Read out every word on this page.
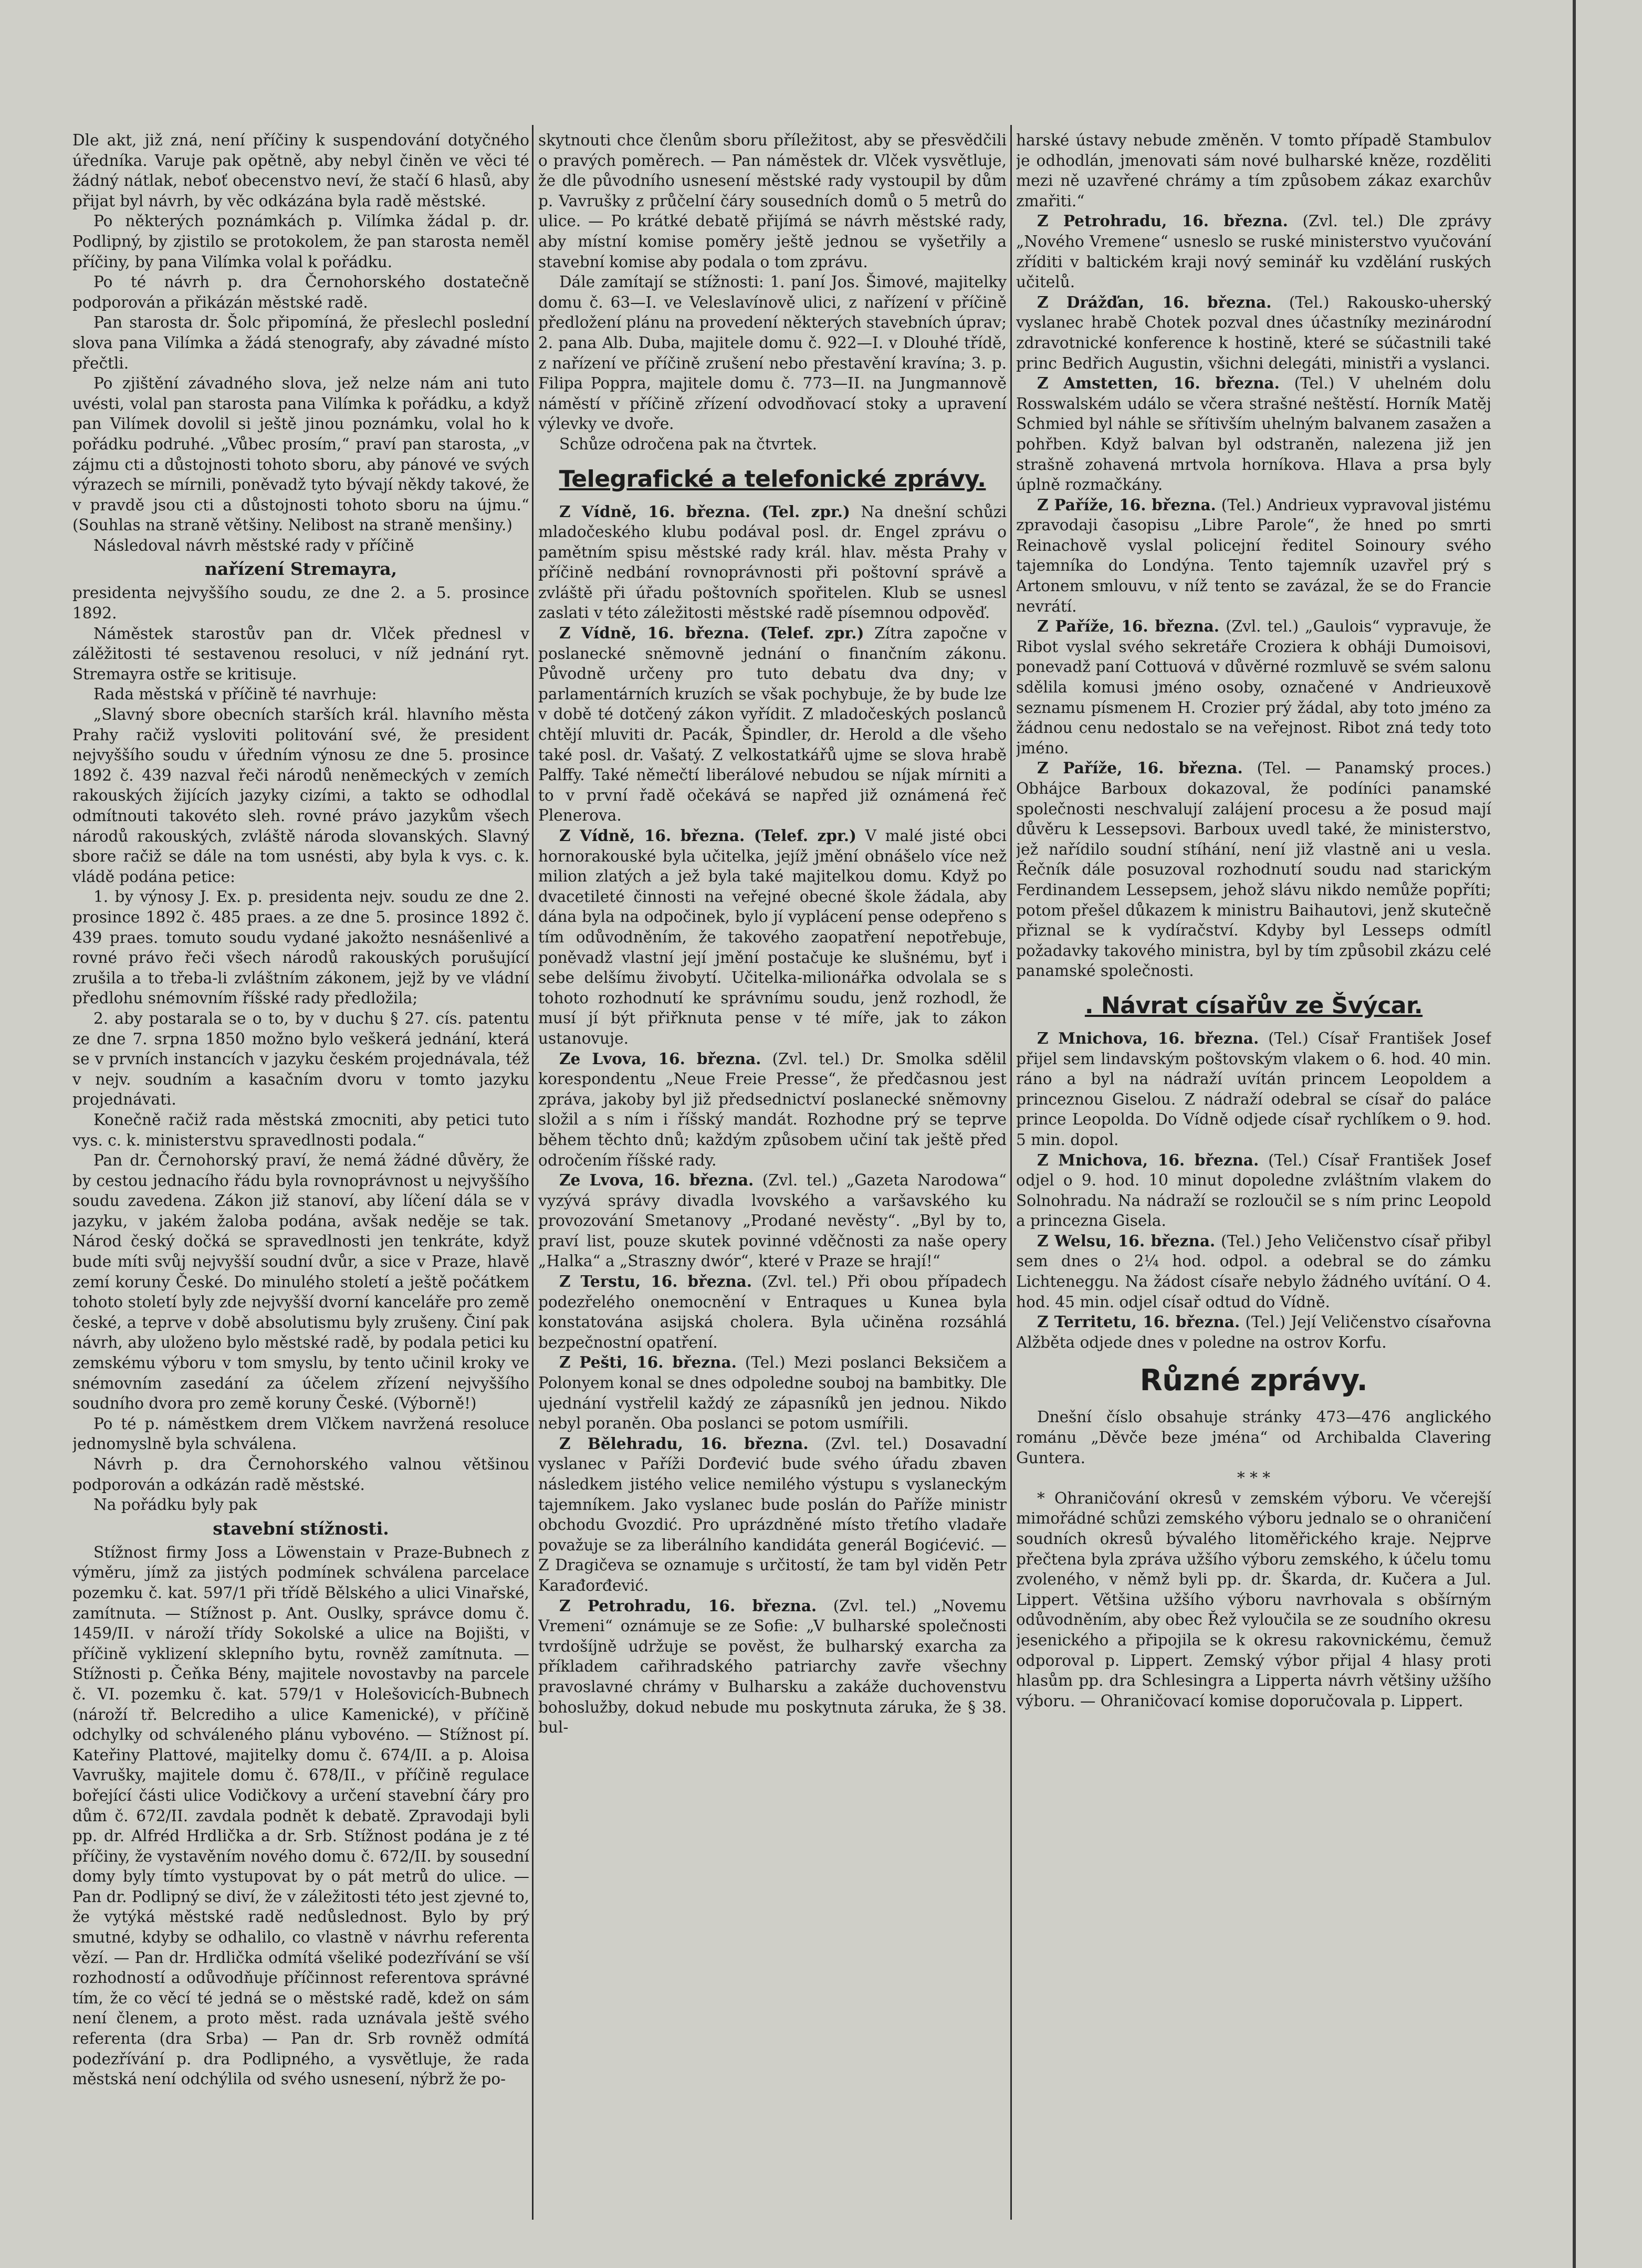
Dle akt, již zná, není příčiny k suspendování dotyčného úředníka. Varuje pak opětně, aby nebyl činěn ve věci té žádný nátlak, neboť obecenstvo neví, že stačí 6 hlasů, aby přijat byl návrh, by věc odkázána byla radě městské.

Po některých poznámkách p. Vilímka žádal p. dr. Podlipný, by zjistilo se protokolem, že pan starosta neměl příčiny, by pana Vilímka volal k pořádku.

Po té návrh p. dra Černohorského dostatečně podporován a přikázán městské radě.

Pan starosta dr. Šolc připomíná, že přeslechl poslední slova pana Vilímka a žádá stenografy, aby závadné místo přečtli.

Po zjištění závadného slova, jež nelze nám ani tuto uvésti, volal pan starosta pana Vilímka k pořádku, a když pan Vilímek dovolil si ještě jinou poznámku, volal ho k pořádku podruhé. „Vůbec prosím,“ praví pan starosta, „v zájmu cti a důstojnosti tohoto sboru, aby pánové ve svých výrazech se mírnili, poněvadž tyto bývají někdy takové, že v pravdě jsou cti a důstojnosti tohoto sboru na újmu.“ (Souhlas na straně většiny. Nelibost na straně menšiny.)

Následoval návrh městské rady v příčině

nařízení Stremayra,

presidenta nejvyššího soudu, ze dne 2. a 5. prosince 1892.

Náměstek starostův pan dr. Vlček přednesl v zálěžitosti té sestavenou resoluci, v níž jednání ryt. Stremayra ostře se kritisuje.

Rada městská v příčině té navrhuje:

„Slavný sbore obecních starších král. hlavního města Prahy račiž vysloviti politování své, že president nejvyššího soudu v úředním výnosu ze dne 5. prosince 1892 č. 439 nazval řeči národů neněmeckých v zemích rakouských žijících jazyky cizími, a takto se odhodlal odmítnouti takovéto sleh. rovné právo jazykům všech národů rakouských, zvláště národa slovanských. Slavný sbore račiž se dále na tom usnésti, aby byla k vys. c. k. vládě podána petice:

1. by výnosy J. Ex. p. presidenta nejv. soudu ze dne 2. prosince 1892 č. 485 praes. a ze dne 5. prosince 1892 č. 439 praes. tomuto soudu vydané jakožto nesnášenlivé a rovné právo řeči všech národů rakouských porušující zrušila a to třeba-li zvláštním zákonem, jejž by ve vládní předlohu snémovním říšské rady předložila;

2. aby postarala se o to, by v duchu § 27. cís. patentu ze dne 7. srpna 1850 možno bylo veškerá jednání, která se v prvních instancích v jazyku českém projednávala, též v nejv. soudním a kasačním dvoru v tomto jazyku projednávati.

Konečně račiž rada městská zmocniti, aby petici tuto vys. c. k. ministerstvu spravedlnosti podala.“

Pan dr. Černohorský praví, že nemá žádné důvěry, že by cestou jednacího řádu byla rovnoprávnost u nejvyššího soudu zavedena. Zákon již stanoví, aby líčení dála se v jazyku, v jakém žaloba podána, avšak neděje se tak. Národ český dočká se spravedlnosti jen tenkráte, když bude míti svůj nejvyšší soudní dvůr, a sice v Praze, hlavě zemí koruny České. Do minulého století a ještě počátkem tohoto století byly zde nejvyšší dvorní kanceláře pro země české, a teprve v době absolutismu byly zrušeny. Činí pak návrh, aby uloženo bylo městské radě, by podala petici ku zemskému výboru v tom smyslu, by tento učinil kroky ve snémovním zasedání za účelem zřízení nejvyššího soudního dvora pro země koruny České. (Výborně!)

Po té p. náměstkem drem Vlčkem navržená resoluce jednomyslně byla schválena.

Návrh p. dra Černohorského valnou většinou podporován a odkázán radě městské.

Na pořádku byly pak

stavební stížnosti.

Stížnost firmy Joss a Löwenstain v Praze-Bubnech z výměru, jímž za jistých podmínek schválena parcelace pozemku č. kat. 597/1 při třídě Bělského a ulici Vinařské, zamítnuta. — Stížnost p. Ant. Ouslky, správce domu č. 1459/II. v nároží třídy Sokolské a ulice na Bojišti, v příčině vyklizení sklepního bytu, rovněž zamítnuta. — Stížnosti p. Čeňka Bény, majitele novostavby na parcele č. VI. pozemku č. kat. 579/1 v Holešovicích-Bubnech (nároží tř. Belcrediho a ulice Kamenické), v příčině odchylky od schváleného plánu vybovéno. — Stížnost pí. Kateřiny Plattové, majitelky domu č. 674/II. a p. Aloisa Vavrušky, majitele domu č. 678/II., v příčině regulace bořející části ulice Vodičkovy a určení stavební čáry pro dům č. 672/II. zavdala podnět k debatě. Zpravodaji byli pp. dr. Alfréd Hrdlička a dr. Srb. Stížnost podána je z té příčiny, že vystavěním nového domu č. 672/II. by sousední domy byly tímto vystupovat by o pát metrů do ulice. — Pan dr. Podlipný se diví, že v záležitosti této jest zjevné to, že vytýká městské radě nedůslednost. Bylo by prý smutné, kdyby se odhalilo, co vlastně v návrhu referenta vězí. — Pan dr. Hrdlička odmítá všeliké podezřívání se vší rozhodností a odůvodňuje příčinnost referentova správné tím, že co věcí té jedná se o městské radě, kdež on sám není členem, a proto měst. rada uznávala ještě svého referenta (dra Srba) — Pan dr. Srb rovněž odmítá podezřívání p. dra Podlipného, a vysvětluje, že rada městská není odchýlila od svého usnesení, nýbrž že po-

skytnouti chce členům sboru příležitost, aby se přesvědčili o pravých poměrech. — Pan náměstek dr. Vlček vysvětluje, že dle původního usnesení městské rady vystoupil by dům p. Vavrušky z průčelní čáry sousedních domů o 5 metrů do ulice. — Po krátké debatě přijímá se návrh městské rady, aby místní komise poměry ještě jednou se vyšetřily a stavební komise aby podala o tom zprávu.

Dále zamítají se stížnosti: 1. paní Jos. Šimové, majitelky domu č. 63—I. ve Veleslavínově ulici, z nařízení v příčině předložení plánu na provedení některých stavebních úprav; 2. pana Alb. Duba, majitele domu č. 922—I. v Dlouhé třídě, z nařízení ve příčině zrušení nebo přestavění kravína; 3. p. Filipa Poppra, majitele domu č. 773—II. na Jungmannově náměstí v příčině zřízení odvodňovací stoky a upravení výlevky ve dvoře.

Schůze odročena pak na čtvrtek.

Telegrafické a telefonické zprávy.

Z Vídně, 16. března. (Tel. zpr.) Na dnešní schůzi mladočeského klubu podával posl. dr. Engel zprávu o pamětním spisu městské rady král. hlav. města Prahy v příčině nedbání rovnoprávnosti při poštovní správě a zvláště při úřadu poštovních spořitelen. Klub se usnesl zaslati v této záležitosti městské radě písemnou odpověď.

Z Vídně, 16. března. (Telef. zpr.) Zítra započne v poslanecké sněmovně jednání o finančním zákonu. Původně určeny pro tuto debatu dva dny; v parlamentárních kruzích se však pochybuje, že by bude lze v době té dotčený zákon vyřídit. Z mladočeských poslanců chtějí mluviti dr. Pacák, Špindler, dr. Herold a dle všeho také posl. dr. Vašatý. Z velkostatkářů ujme se slova hrabě Palffy. Také němečtí liberálové nebudou se níjak mírniti a to v první řadě očekává se napřed již oznámená řeč Plenerova.

Z Vídně, 16. března. (Telef. zpr.) V malé jisté obci hornorakouské byla učitelka, jejíž jmění obnášelo více než milion zlatých a jež byla také majitelkou domu. Když po dvacetileté činnosti na veřejné obecné škole žádala, aby dána byla na odpočinek, bylo jí vyplácení pense odepřeno s tím odůvodněním, že takového zaopatření nepotřebuje, poněvadž vlastní její jmění postačuje ke slušnému, byť i sebe delšímu živobytí. Učitelka-milionářka odvolala se s tohoto rozhodnutí ke správnímu soudu, jenž rozhodl, že musí jí být přiřknuta pense v té míře, jak to zákon ustanovuje.

Ze Lvova, 16. března. (Zvl. tel.) Dr. Smolka sdělil korespondentu „Neue Freie Presse“, že předčasnou jest zpráva, jakoby byl již předsednictví poslanecké sněmovny složil a s ním i říšský mandát. Rozhodne prý se teprve během těchto dnů; každým způsobem učiní tak ještě před odročením říšské rady.

Ze Lvova, 16. března. (Zvl. tel.) „Gazeta Narodowa“ vyzývá správy divadla lvovského a varšavského ku provozování Smetanovy „Prodané nevěsty“. „Byl by to, praví list, pouze skutek povinné vděčnosti za naše opery „Halka“ a „Straszny dwór“, které v Praze se hrají!“

Z Terstu, 16. března. (Zvl. tel.) Při obou případech podezřelého onemocnění v Entraques u Kunea byla konstatována asijská cholera. Byla učiněna rozsáhlá bezpečnostní opatření.

Z Pešti, 16. března. (Tel.) Mezi poslanci Beksičem a Polonyem konal se dnes odpoledne souboj na bambitky. Dle ujednání vystřelil každý ze zápasníků jen jednou. Nikdo nebyl poraněn. Oba poslanci se potom usmířili.

Z Bělehradu, 16. března. (Zvl. tel.) Dosavadní vyslanec v Paříži Dorđević bude svého úřadu zbaven následkem jistého velice nemilého výstupu s vyslaneckým tajemníkem. Jako vyslanec bude poslán do Paříže ministr obchodu Gvozdić. Pro uprázdněné místo třetího vladaře považuje se za liberálního kandidáta generál Bogićević. — Z Dragičeva se oznamuje s určitostí, že tam byl viděn Petr Karađorđević.

Z Petrohradu, 16. března. (Zvl. tel.) „Novemu Vremeni“ oznámuje se ze Sofie: „V bulharské společnosti tvrdošíjně udržuje se pověst, že bulharský exarcha za příkladem cařihradského patriarchy zavře všechny pravoslavné chrámy v Bulharsku a zakáže duchovenstvu bohoslužby, dokud nebude mu poskytnuta záruka, že § 38. bul-

harské ústavy nebude změněn. V tomto případě Stambulov je odhodlán, jmenovati sám nové bulharské kněze, rozděliti mezi ně uzavřené chrámy a tím způsobem zákaz exarchův zmařiti.“

Z Petrohradu, 16. března. (Zvl. tel.) Dle zprávy „Nového Vremene“ usneslo se ruské ministerstvo vyučování zříditi v baltickém kraji nový seminář ku vzdělání ruských učitelů.

Z Drážďan, 16. března. (Tel.) Rakousko-uherský vyslanec hrabě Chotek pozval dnes účastníky mezinárodní zdravotnické konference k hostině, které se súčastnili také princ Bedřich Augustin, všichni delegáti, ministři a vyslanci.

Z Amstetten, 16. března. (Tel.) V uhelném dolu Rosswalském událo se včera strašné neštěstí. Horník Matěj Schmied byl náhle se sřítivším uhelným balvanem zasažen a pohřben. Když balvan byl odstraněn, nalezena již jen strašně zohavená mrtvola horníkova. Hlava a prsa byly úplně rozmačkány.

Z Paříže, 16. března. (Tel.) Andrieux vypravoval jistému zpravodaji časopisu „Libre Parole“, že hned po smrti Reinachově vyslal policejní ředitel Soinoury svého tajemníka do Londýna. Tento tajemník uzavřel prý s Artonem smlouvu, v níž tento se zavázal, že se do Francie nevrátí.

Z Paříže, 16. března. (Zvl. tel.) „Gaulois“ vypravuje, že Ribot vyslal svého sekretáře Croziera k obháji Dumoisovi, ponevadž paní Cottuová v důvěrné rozmluvě se svém salonu sdělila komusi jméno osoby, označené v Andrieuxově seznamu písmenem H. Crozier prý žádal, aby toto jméno za žádnou cenu nedostalo se na veřejnost. Ribot zná tedy toto jméno.

Z Paříže, 16. března. (Tel. — Panamský proces.) Obhájce Barboux dokazoval, že podíníci panamské společnosti neschvalují zalájení procesu a že posud mají důvěru k Lessepsovi. Barboux uvedl také, že ministerstvo, jež nařídilo soudní stíhání, není již vlastně ani u vesla. Řečník dále posuzoval rozhodnutí soudu nad starickým Ferdinandem Lessepsem, jehož slávu nikdo nemůže popříti; potom přešel důkazem k ministru Baihautovi, jenž skutečně přiznal se k vydíračství. Kdyby byl Lesseps odmítl požadavky takového ministra, byl by tím způsobil zkázu celé panamské společnosti.

. Návrat císařův ze Švýcar.

Z Mnichova, 16. března. (Tel.) Císař František Josef přijel sem lindavským poštovským vlakem o 6. hod. 40 min. ráno a byl na nádraží uvítán princem Leopoldem a princeznou Giselou. Z nádraží odebral se císař do paláce prince Leopolda. Do Vídně odjede císař rychlíkem o 9. hod. 5 min. dopol.

Z Mnichova, 16. března. (Tel.) Císař František Josef odjel o 9. hod. 10 minut dopoledne zvláštním vlakem do Solnohradu. Na nádraží se rozloučil se s ním princ Leopold a princezna Gisela.

Z Welsu, 16. března. (Tel.) Jeho Veličenstvo císař přibyl sem dnes o 2¼ hod. odpol. a odebral se do zámku Lichteneggu. Na žádost císaře nebylo žádného uvítání. O 4. hod. 45 min. odjel císař odtud do Vídně.

Z Territetu, 16. března. (Tel.) Její Veličenstvo císařovna Alžběta odjede dnes v poledne na ostrov Korfu.

Různé zprávy.

Dnešní číslo obsahuje stránky 473—476 anglického románu „Děvče beze jména“ od Archibalda Clavering Guntera.

* * *

* Ohraničování okresů v zemském výboru. Ve včerejší mimořádné schůzi zemského výboru jednalo se o ohraničení soudních okresů bývalého litoměřického kraje. Nejprve přečtena byla zpráva užšího výboru zemského, k účelu tomu zvoleného, v němž byli pp. dr. Škarda, dr. Kučera a Jul. Lippert. Většina užšího výboru navrhovala s obšírným odůvodněním, aby obec Řež vyloučila se ze soudního okresu jesenického a připojila se k okresu rakovnickému, čemuž odporoval p. Lippert. Zemský výbor přijal 4 hlasy proti hlasům pp. dra Schlesingra a Lipperta návrh většiny užšího výboru. — Ohraničovací komise doporučovala p. Lippert.
